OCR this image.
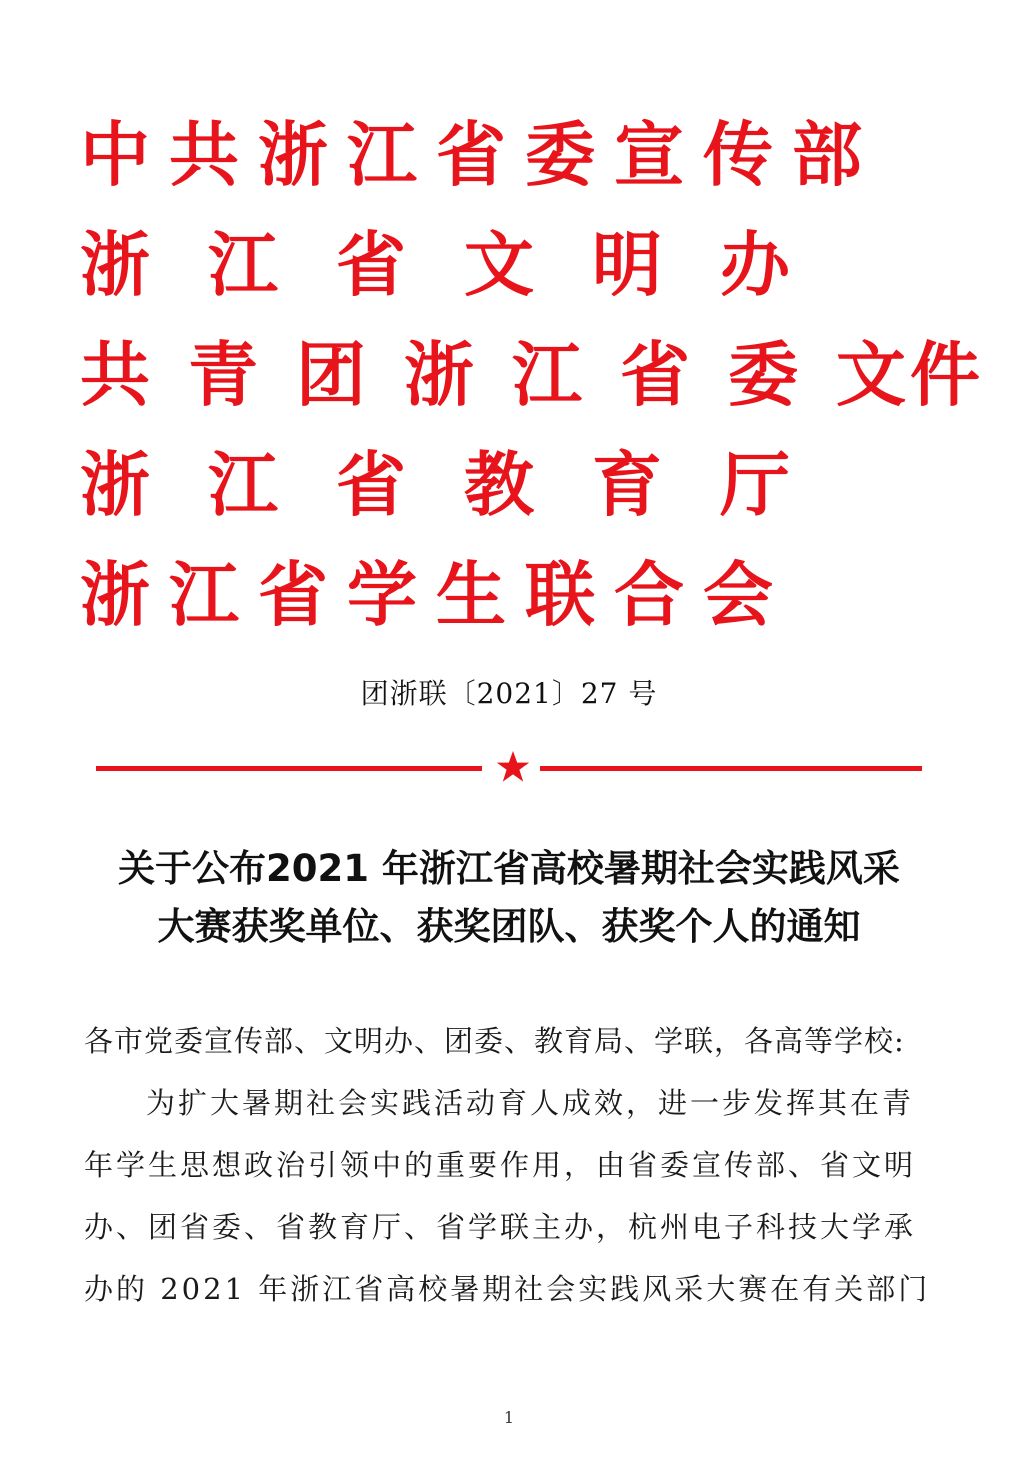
中共浙江省委宣传部
浙江省文明办
共青团浙江省委文件
浙江省教育厅
浙江省学生联合会
团浙联〔2021〕27 号
关于公布2021 年浙江省高校暑期社会实践风采
大赛获奖单位、获奖团队、获奖个人的通知
各市党委宣传部、文明办、团委、教育局、学联，各高等学校:
为扩大暑期社会实践活动育人成效，进一步发挥其在青
年学生思想政治引领中的重要作用，由省委宣传部、省文明
办、团省委、省教育厅、省学联主办，杭州电子科技大学承
办的 2021 年浙江省高校暑期社会实践风采大赛在有关部门
1
